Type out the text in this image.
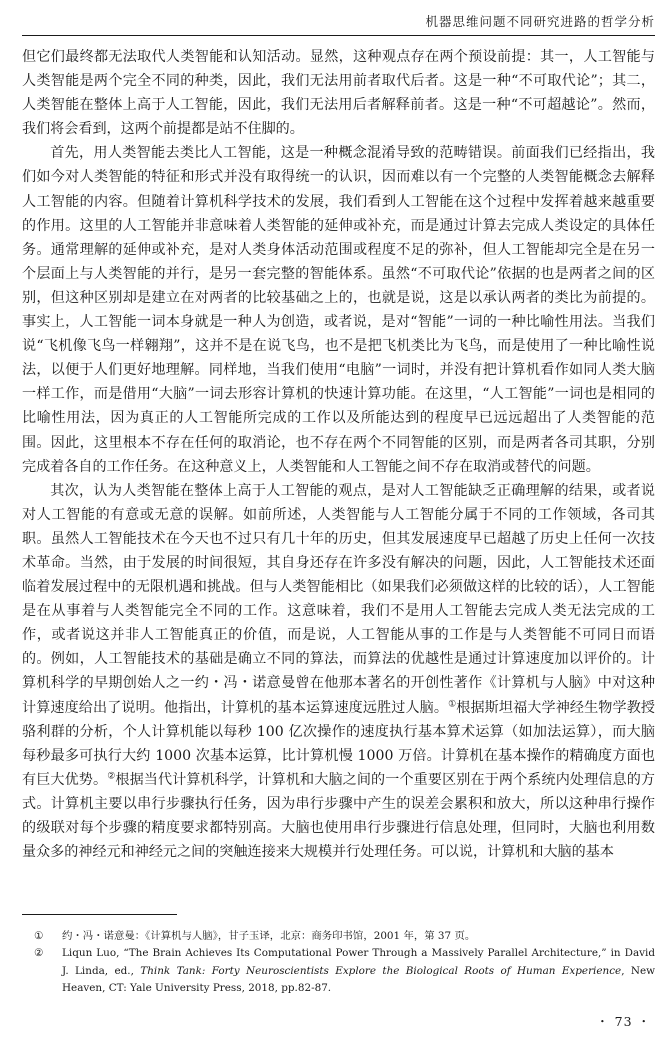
机器思维问题不同研究进路的哲学分析

但它们最终都无法取代人类智能和认知活动。显然，这种观点存在两个预设前提：其一，人工智能与人类智能是两个完全不同的种类，因此，我们无法用前者取代后者。这是一种“不可取代论”；其二，人类智能在整体上高于人工智能，因此，我们无法用后者解释前者。这是一种“不可超越论”。然而，我们将会看到，这两个前提都是站不住脚的。

首先，用人类智能去类比人工智能，这是一种概念混淆导致的范畴错误。前面我们已经指出，我们如今对人类智能的特征和形式并没有取得统一的认识，因而难以有一个完整的人类智能概念去解释人工智能的内容。但随着计算机科学技术的发展，我们看到人工智能在这个过程中发挥着越来越重要的作用。这里的人工智能并非意味着人类智能的延伸或补充，而是通过计算去完成人类设定的具体任务。通常理解的延伸或补充，是对人类身体活动范围或程度不足的弥补，但人工智能却完全是在另一个层面上与人类智能的并行，是另一套完整的智能体系。虽然“不可取代论”依据的也是两者之间的区别，但这种区别却是建立在对两者的比较基础之上的，也就是说，这是以承认两者的类比为前提的。事实上，人工智能一词本身就是一种人为创造，或者说，是对“智能”一词的一种比喻性用法。当我们说“飞机像飞鸟一样翱翔”，这并不是在说飞鸟，也不是把飞机类比为飞鸟，而是使用了一种比喻性说法，以便于人们更好地理解。同样地，当我们使用“电脑”一词时，并没有把计算机看作如同人类大脑一样工作，而是借用“大脑”一词去形容计算机的快速计算功能。在这里，“人工智能”一词也是相同的比喻性用法，因为真正的人工智能所完成的工作以及所能达到的程度早已远远超出了人类智能的范围。因此，这里根本不存在任何的取消论，也不存在两个不同智能的区别，而是两者各司其职，分别完成着各自的工作任务。在这种意义上，人类智能和人工智能之间不存在取消或替代的问题。

其次，认为人类智能在整体上高于人工智能的观点，是对人工智能缺乏正确理解的结果，或者说对人工智能的有意或无意的误解。如前所述，人类智能与人工智能分属于不同的工作领域，各司其职。虽然人工智能技术在今天也不过只有几十年的历史，但其发展速度早已超越了历史上任何一次技术革命。当然，由于发展的时间很短，其自身还存在许多没有解决的问题，因此，人工智能技术还面临着发展过程中的无限机遇和挑战。但与人类智能相比（如果我们必须做这样的比较的话），人工智能是在从事着与人类智能完全不同的工作。这意味着，我们不是用人工智能去完成人类无法完成的工作，或者说这并非人工智能真正的价值，而是说，人工智能从事的工作是与人类智能不可同日而语的。例如，人工智能技术的基础是确立不同的算法，而算法的优越性是通过计算速度加以评价的。计算机科学的早期创始人之一约・冯・诺意曼曾在他那本著名的开创性著作《计算机与人脑》中对这种计算速度给出了说明。他指出，计算机的基本运算速度远胜过人脑。①根据斯坦福大学神经生物学教授骆利群的分析，个人计算机能以每秒 100 亿次操作的速度执行基本算术运算（如加法运算），而大脑每秒最多可执行大约 1000 次基本运算，比计算机慢 1000 万倍。计算机在基本操作的精确度方面也有巨大优势。②根据当代计算机科学，计算机和大脑之间的一个重要区别在于两个系统内处理信息的方式。计算机主要以串行步骤执行任务，因为串行步骤中产生的误差会累积和放大，所以这种串行操作的级联对每个步骤的精度要求都特别高。大脑也使用串行步骤进行信息处理，但同时，大脑也利用数量众多的神经元和神经元之间的突触连接来大规模并行处理任务。可以说，计算机和大脑的基本

①	约・冯・诺意曼：《计算机与人脑》，甘子玉译，北京：商务印书馆，2001 年，第 37 页。
②	Liqun Luo, “The Brain Achieves Its Computational Power Through a Massively Parallel Architecture,” in David J. Linda, ed., Think Tank: Forty Neuroscientists Explore the Biological Roots of Human Experience, New Heaven, CT: Yale University Press, 2018, pp.82-87.
・ 73 ・
